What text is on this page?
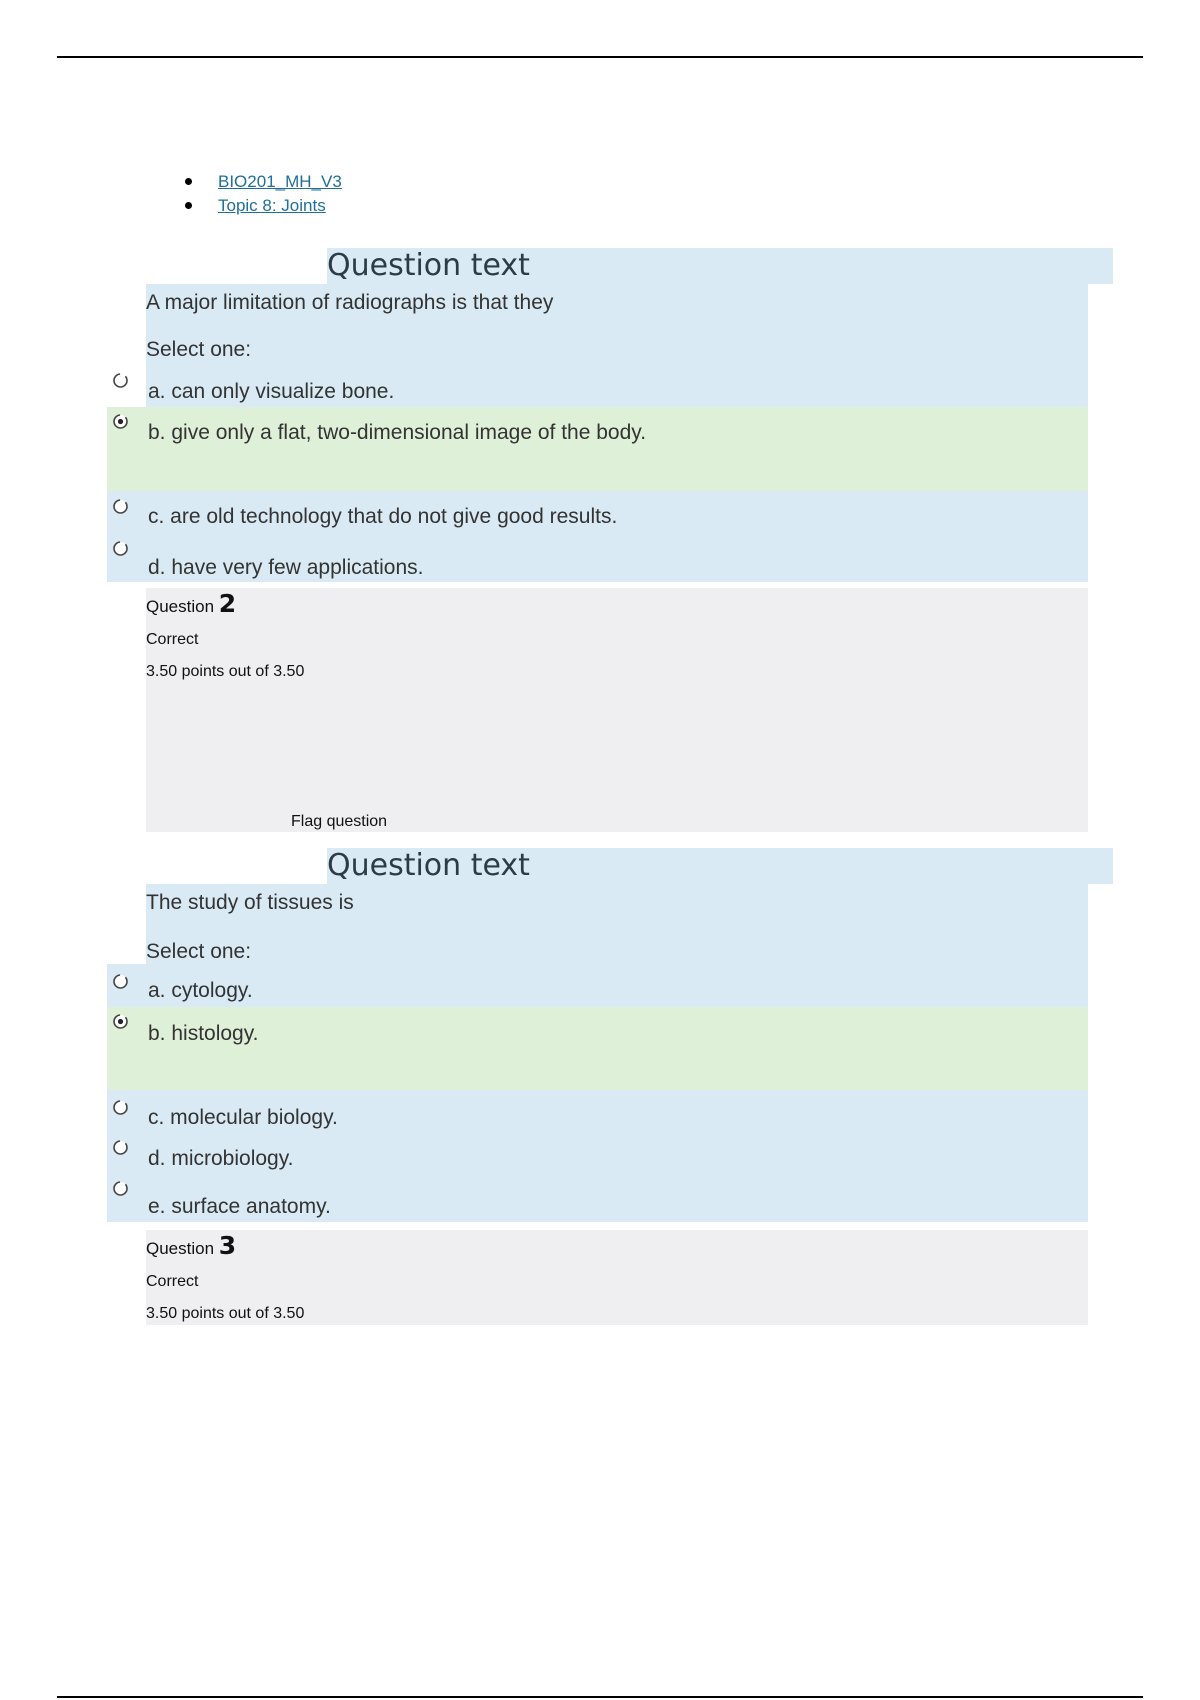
BIO201_MH_V3
Topic 8: Joints
Question text
A major limitation of radiographs is that they
Select one:
a. can only visualize bone.
b. give only a flat, two-dimensional image of the body.
c. are old technology that do not give good results.
d. have very few applications.
Question 2
Correct
3.50 points out of 3.50
Flag question
Question text
The study of tissues is
Select one:
a. cytology.
b. histology.
c. molecular biology.
d. microbiology.
e. surface anatomy.
Question 3
Correct
3.50 points out of 3.50
